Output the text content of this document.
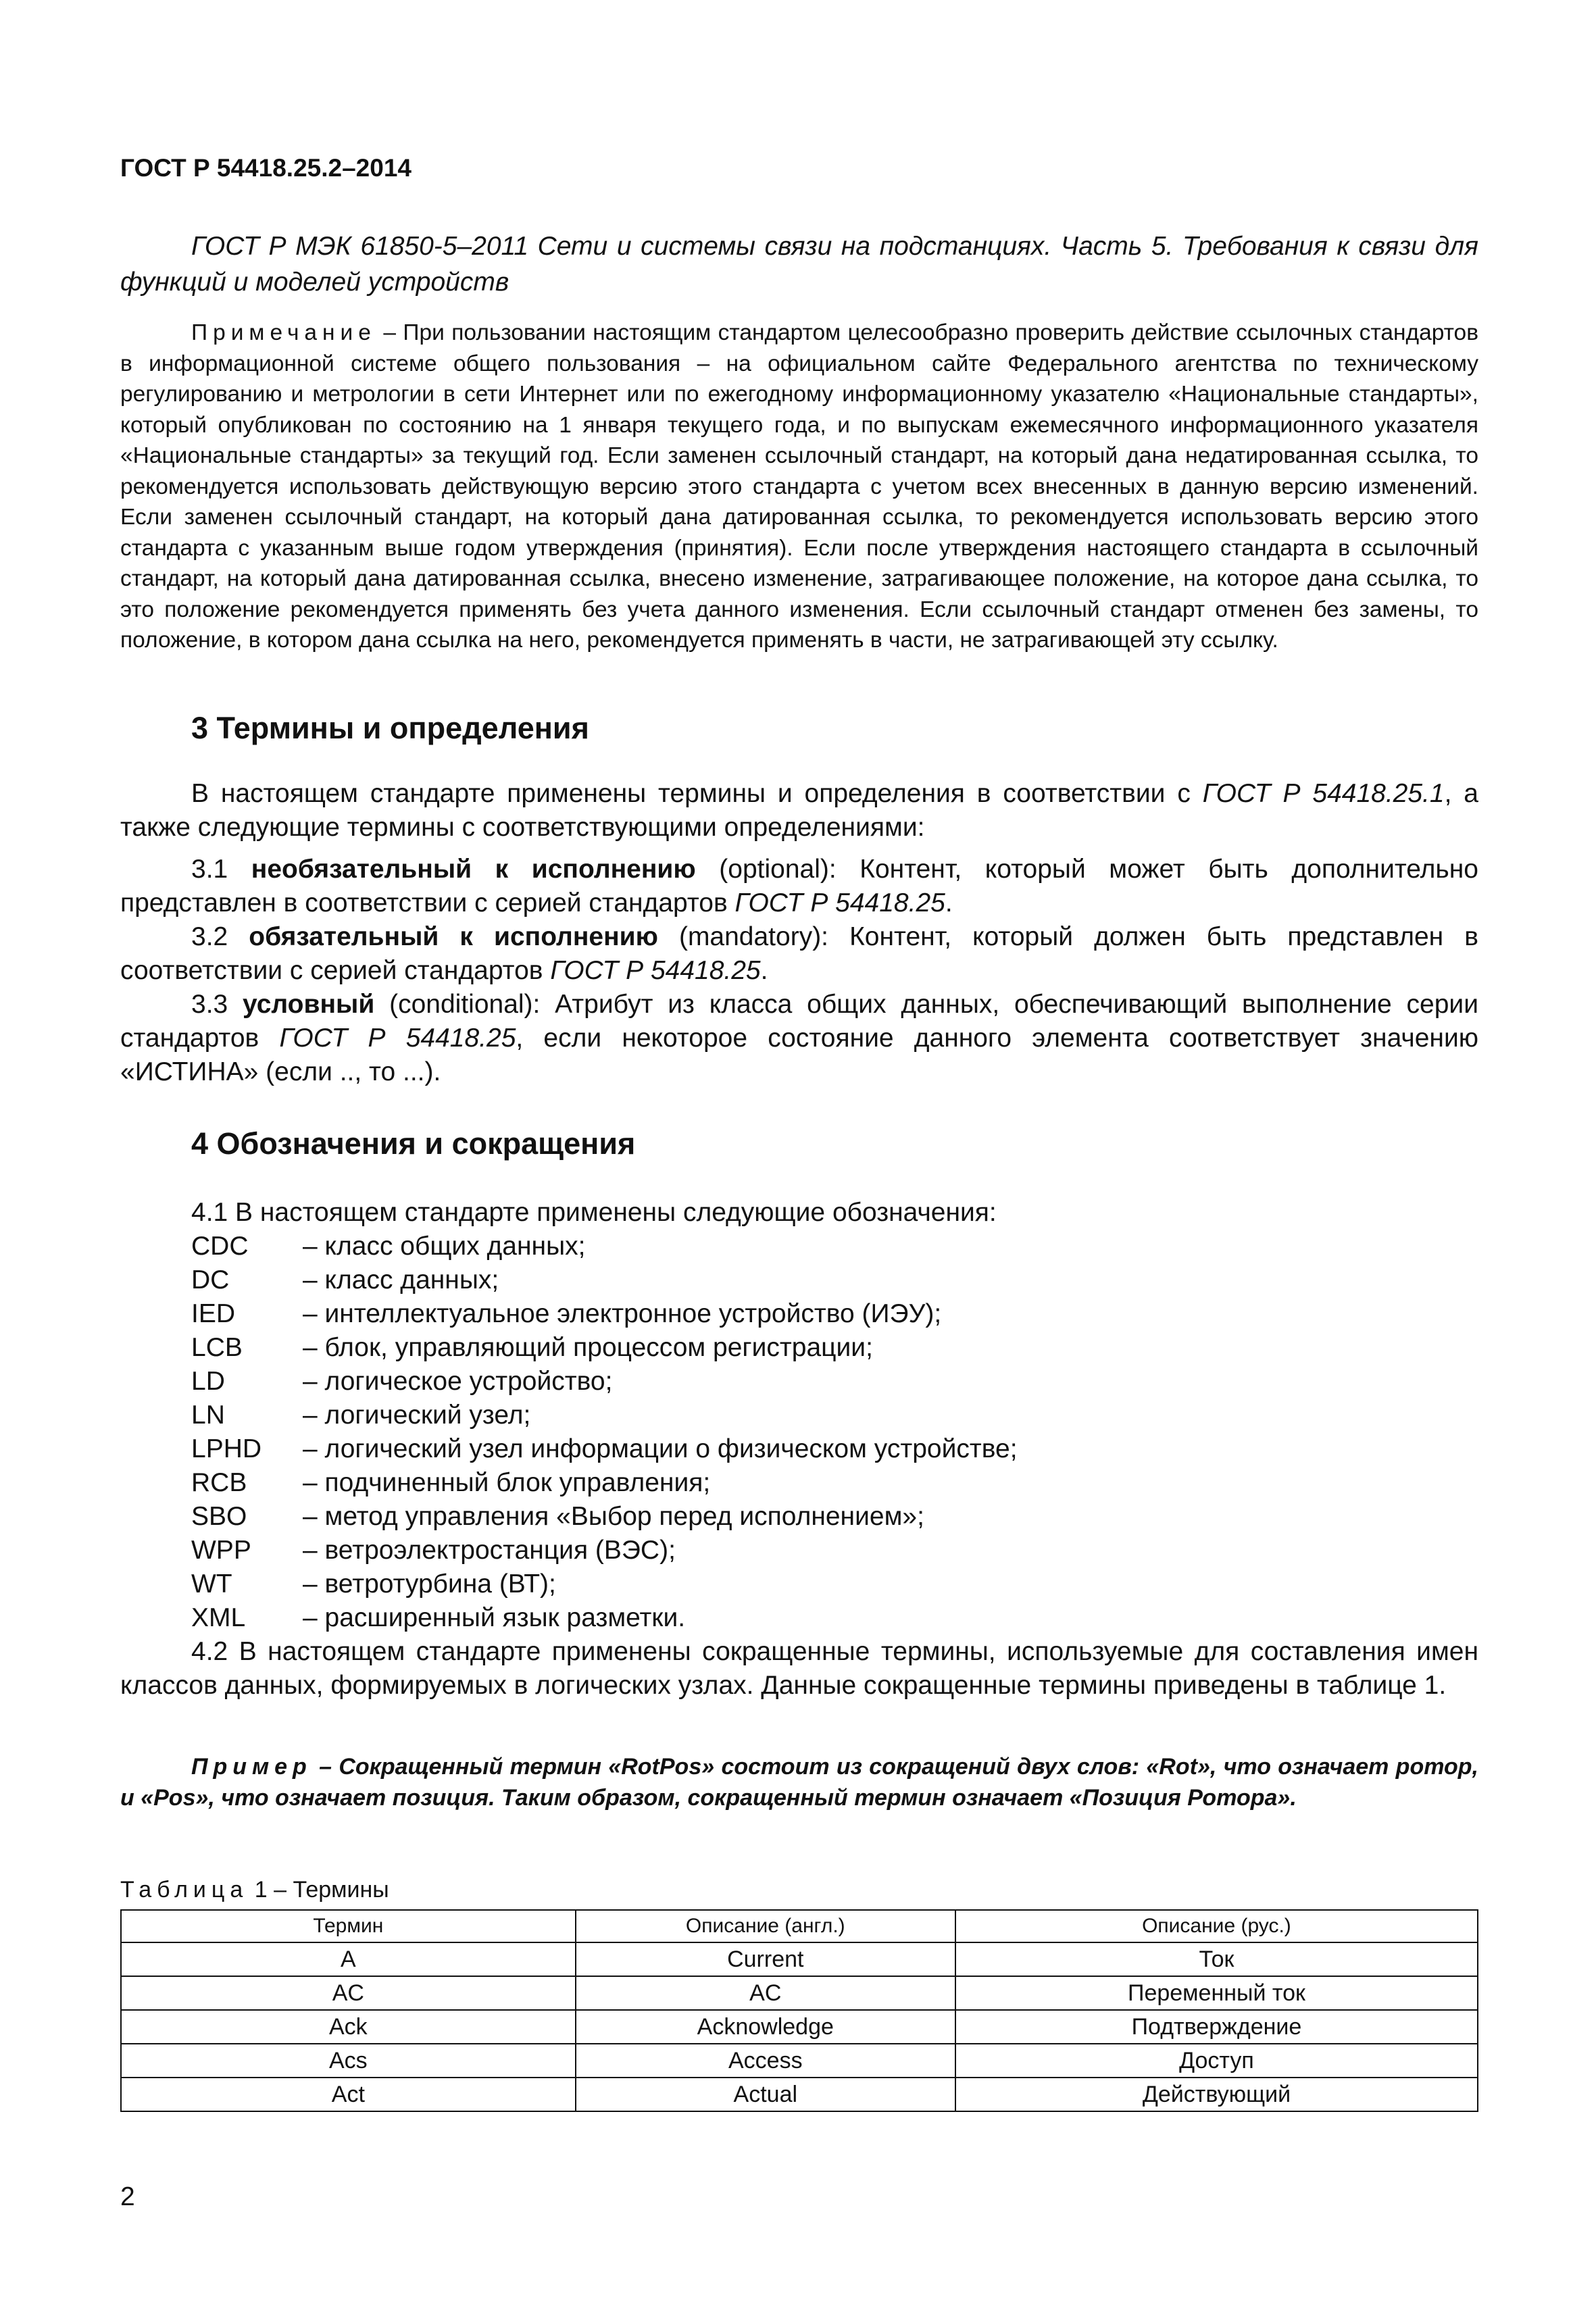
ГОСТ Р 54418.25.2–2014
ГОСТ Р МЭК 61850-5–2011 Сети и системы связи на подстанциях. Часть 5. Требования к связи для функций и моделей устройств
Примечание – При пользовании настоящим стандартом целесообразно проверить действие ссылочных стандартов в информационной системе общего пользования – на официальном сайте Федерального агентства по техническому регулированию и метрологии в сети Интернет или по ежегодному информационному указателю «Национальные стандарты», который опубликован по состоянию на 1 января текущего года, и по выпускам ежемесячного информационного указателя «Национальные стандарты» за текущий год. Если заменен ссылочный стандарт, на который дана недатированная ссылка, то рекомендуется использовать действующую версию этого стандарта с учетом всех внесенных в данную версию изменений. Если заменен ссылочный стандарт, на который дана датированная ссылка, то рекомендуется использовать версию этого стандарта с указанным выше годом утверждения (принятия). Если после утверждения настоящего стандарта в ссылочный стандарт, на который дана датированная ссылка, внесено изменение, затрагивающее положение, на которое дана ссылка, то это положение рекомендуется применять без учета данного изменения. Если ссылочный стандарт отменен без замены, то положение, в котором дана ссылка на него, рекомендуется применять в части, не затрагивающей эту ссылку.
3 Термины и определения
В настоящем стандарте применены термины и определения в соответствии с ГОСТ Р 54418.25.1, а также следующие термины с соответствующими определениями:
3.1 необязательный к исполнению (optional): Контент, который может быть дополнительно представлен в соответствии с серией стандартов ГОСТ Р 54418.25.
3.2 обязательный к исполнению (mandatory): Контент, который должен быть представлен в соответствии с серией стандартов ГОСТ Р 54418.25.
3.3 условный (conditional): Атрибут из класса общих данных, обеспечивающий выполнение серии стандартов ГОСТ Р 54418.25, если некоторое состояние данного элемента соответствует значению «ИСТИНА» (если .., то ...).
4 Обозначения и сокращения
4.1 В настоящем стандарте применены следующие обозначения:
CDC	– класс общих данных;
DC	– класс данных;
IED	– интеллектуальное электронное устройство (ИЭУ);
LCB	– блок, управляющий процессом регистрации;
LD	– логическое устройство;
LN	– логический узел;
LPHD	– логический узел информации о физическом устройстве;
RCB	– подчиненный блок управления;
SBO	– метод управления «Выбор перед исполнением»;
WPP	– ветроэлектростанция (ВЭС);
WT	– ветротурбина (ВТ);
XML	– расширенный язык разметки.
4.2 В настоящем стандарте применены сокращенные термины, используемые для составления имен классов данных, формируемых в логических узлах. Данные сокращенные термины приведены в таблице 1.
Пример – Сокращенный термин «RotPos» состоит из сокращений двух слов: «Rot», что означает ротор, и «Pos», что означает позиция. Таким образом, сокращенный термин означает «Позиция Ротора».
Таблица 1 – Термины
Термин	Описание (англ.)	Описание (рус.)
A	Current	Ток
AC	AC	Переменный ток
Ack	Acknowledge	Подтверждение
Acs	Access	Доступ
Act	Actual	Действующий
2
